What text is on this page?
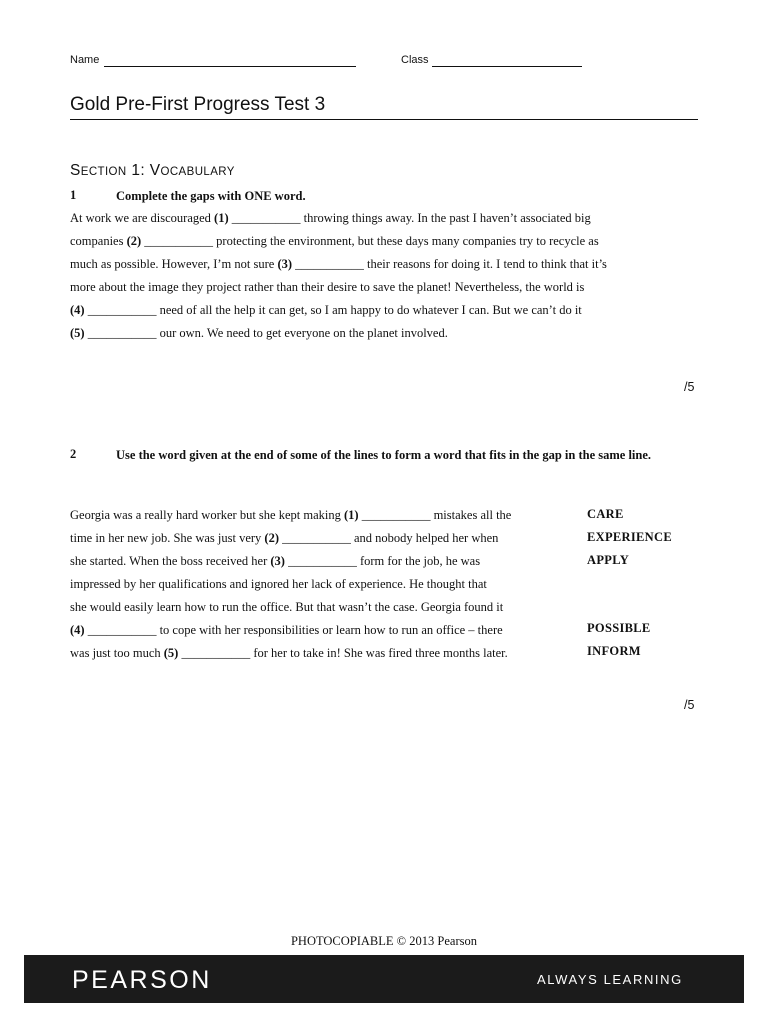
Name	Class
Gold Pre-First Progress Test 3
SECTION 1: VOCABULARY
1	Complete the gaps with ONE word.
At work we are discouraged (1) ___________ throwing things away. In the past I haven’t associated big
companies (2) ___________ protecting the environment, but these days many companies try to recycle as
much as possible. However, I’m not sure (3) ___________ their reasons for doing it. I tend to think that it’s
more about the image they project rather than their desire to save the planet! Nevertheless, the world is
(4) ___________ need of all the help it can get, so I am happy to do whatever I can. But we can’t do it
(5) ___________ our own. We need to get everyone on the planet involved.
/5
2	Use the word given at the end of some of the lines to form a word that fits in the gap in the same line.
Georgia was a really hard worker but she kept making (1) ___________ mistakes all the
time in her new job. She was just very (2) ___________ and nobody helped her when
she started. When the boss received her (3) ___________ form for the job, he was
impressed by her qualifications and ignored her lack of experience. He thought that
she would easily learn how to run the office. But that wasn’t the case. Georgia found it
(4) ___________ to cope with her responsibilities or learn how to run an office – there
was just too much (5) ___________ for her to take in! She was fired three months later.
CARE
EXPERIENCE
APPLY
POSSIBLE
INFORM
/5
PHOTOCOPIABLE © 2013 Pearson
PEARSON	ALWAYS LEARNING
